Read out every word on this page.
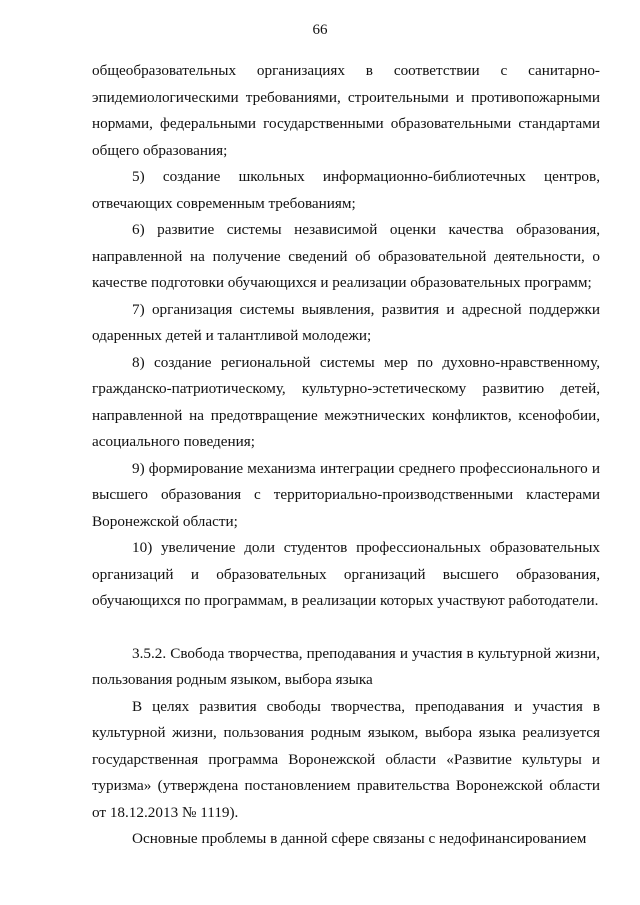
66

общеобразовательных организациях в соответствии с санитарно-эпидемиологическими требованиями, строительными и противопожарными нормами, федеральными государственными образовательными стандартами общего образования;

5) создание школьных информационно-библиотечных центров, отвечающих современным требованиям;

6) развитие системы независимой оценки качества образования, направленной на получение сведений об образовательной деятельности, о качестве подготовки обучающихся и реализации образовательных программ;

7) организация системы выявления, развития и адресной поддержки одаренных детей и талантливой молодежи;

8) создание региональной системы мер по духовно-нравственному, гражданско-патриотическому, культурно-эстетическому развитию детей, направленной на предотвращение межэтнических конфликтов, ксенофобии, асоциального поведения;

9) формирование механизма интеграции среднего профессионального и высшего образования с территориально-производственными кластерами Воронежской области;

10) увеличение доли студентов профессиональных образовательных организаций и образовательных организаций высшего образования, обучающихся по программам, в реализации которых участвуют работодатели.

3.5.2. Свобода творчества, преподавания и участия в культурной жизни, пользования родным языком, выбора языка

В целях развития свободы творчества, преподавания и участия в культурной жизни, пользования родным языком, выбора языка реализуется государственная программа Воронежской области «Развитие культуры и туризма» (утверждена постановлением правительства Воронежской области от 18.12.2013 № 1119).

Основные проблемы в данной сфере связаны с недофинансированием
